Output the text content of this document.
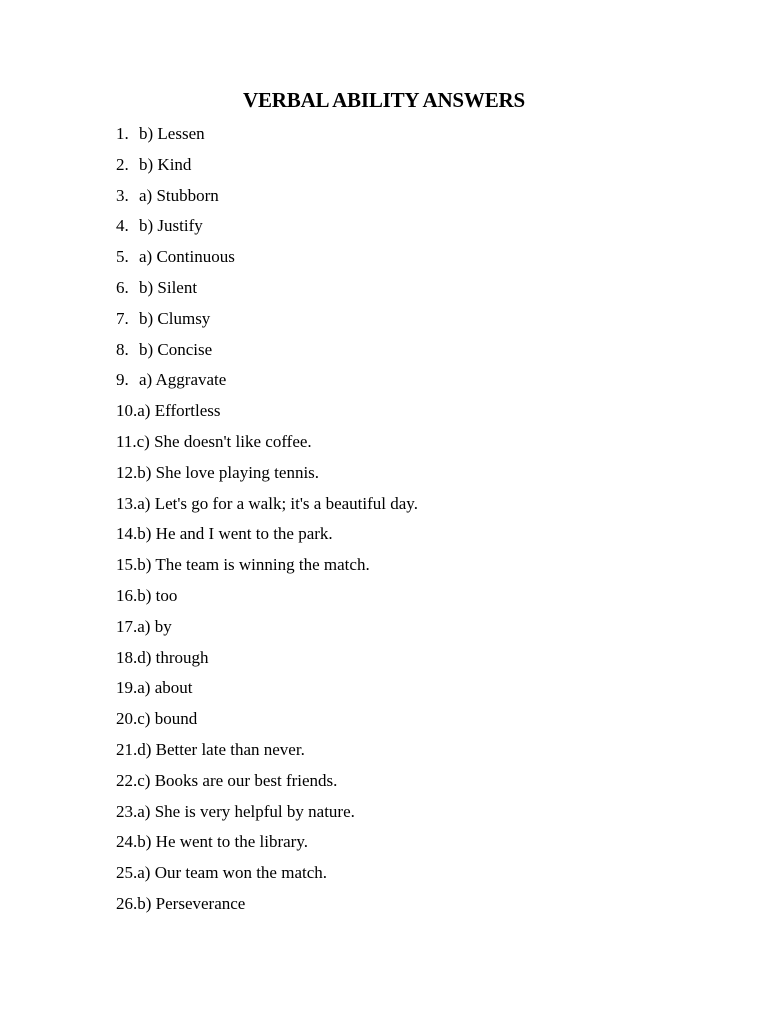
VERBAL ABILITY ANSWERS
1. b) Lessen
2. b) Kind
3. a) Stubborn
4. b) Justify
5. a) Continuous
6. b) Silent
7. b) Clumsy
8. b) Concise
9. a) Aggravate
10. a) Effortless
11. c) She doesn't like coffee.
12. b) She love playing tennis.
13. a) Let's go for a walk; it's a beautiful day.
14. b) He and I went to the park.
15. b) The team is winning the match.
16. b) too
17. a) by
18. d) through
19. a) about
20. c) bound
21. d) Better late than never.
22. c) Books are our best friends.
23. a) She is very helpful by nature.
24. b) He went to the library.
25. a) Our team won the match.
26. b) Perseverance
